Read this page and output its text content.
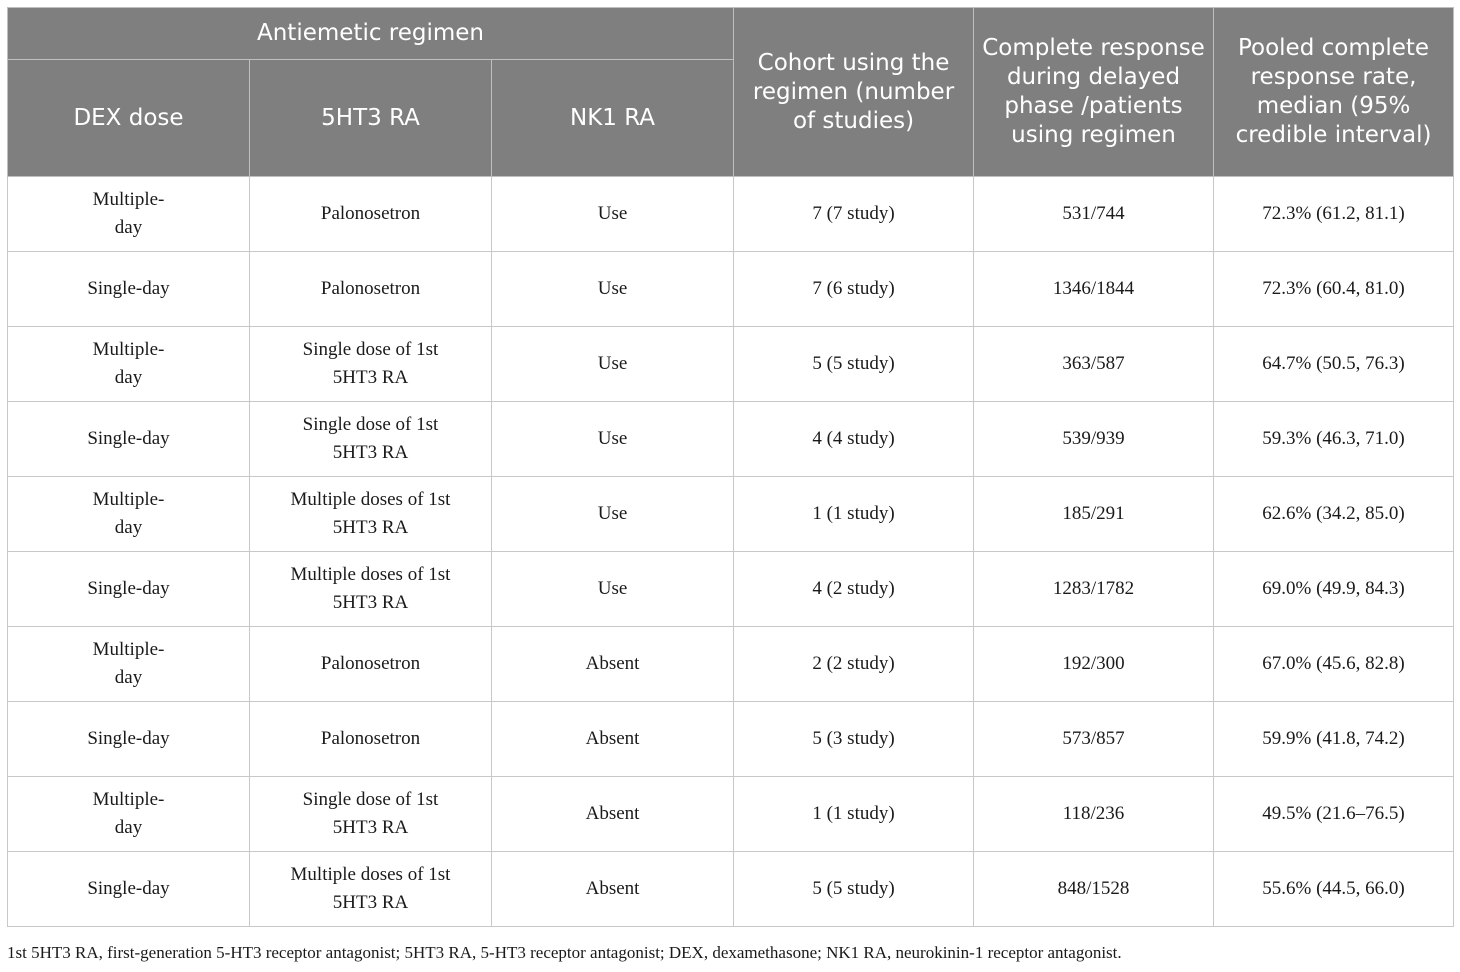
Antiemetic regimen			Cohort using the regimen (number of studies)	Complete response during delayed phase /patients using regimen	Pooled complete response rate, median (95% credible interval)
DEX dose	5HT3 RA	NK1 RA			
Multiple-day	Palonosetron	Use	7 (7 study)	531/744	72.3% (61.2, 81.1)
Single-day	Palonosetron	Use	7 (6 study)	1346/1844	72.3% (60.4, 81.0)
Multiple-day	Single dose of 1st 5HT3 RA	Use	5 (5 study)	363/587	64.7% (50.5, 76.3)
Single-day	Single dose of 1st 5HT3 RA	Use	4 (4 study)	539/939	59.3% (46.3, 71.0)
Multiple-day	Multiple doses of 1st 5HT3 RA	Use	1 (1 study)	185/291	62.6% (34.2, 85.0)
Single-day	Multiple doses of 1st 5HT3 RA	Use	4 (2 study)	1283/1782	69.0% (49.9, 84.3)
Multiple-day	Palonosetron	Absent	2 (2 study)	192/300	67.0% (45.6, 82.8)
Single-day	Palonosetron	Absent	5 (3 study)	573/857	59.9% (41.8, 74.2)
Multiple-day	Single dose of 1st 5HT3 RA	Absent	1 (1 study)	118/236	49.5% (21.6–76.5)
Single-day	Multiple doses of 1st 5HT3 RA	Absent	5 (5 study)	848/1528	55.6% (44.5, 66.0)
1st 5HT3 RA, first-generation 5-HT3 receptor antagonist; 5HT3 RA, 5-HT3 receptor antagonist; DEX, dexamethasone; NK1 RA, neurokinin-1 receptor antagonist.
